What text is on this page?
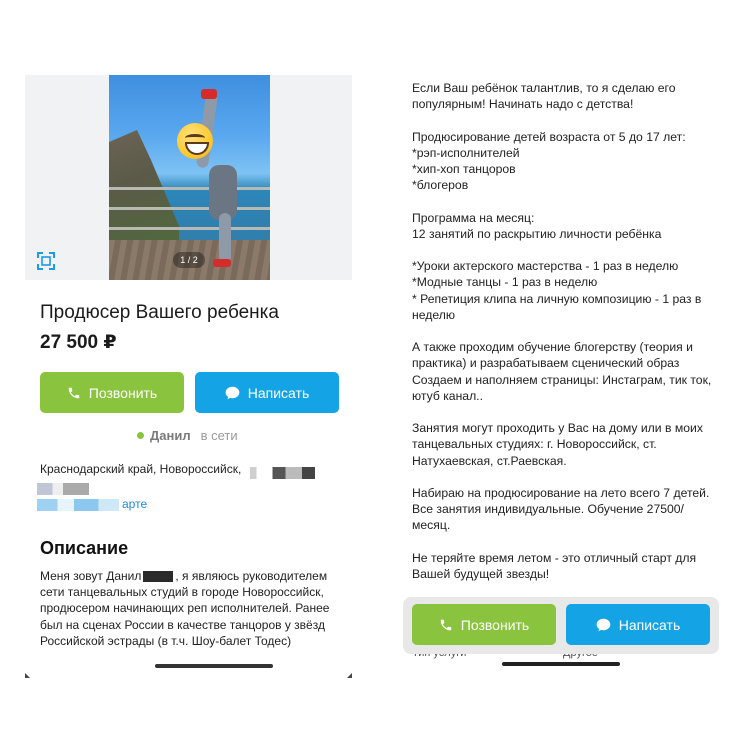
1 / 2
Продюсер Вашего ребенка
27 500 ₽
Позвонить	Написать
Данил в сети
Краснодарский край, Новороссийск,
арте
Описание
Меня зовут Данил	, я являюсь руководителем сети танцевальных студий в городе Новороссийск, продюсером начинающих реп исполнителей. Ранее был на сценах России в качестве танцоров у звёзд Российской эстрады (в т.ч. Шоу-балет Тодес)

Если Ваш ребёнок талантлив, то я сделаю его популярным! Начинать надо с детства!

Продюсирование детей возраста от 5 до 17 лет:
*рэп-исполнителей
*хип-хоп танцоров
*блогеров

Программа на месяц:
12 занятий по раскрытию личности ребёнка

*Уроки актерского мастерства - 1 раз в неделю
*Модные танцы - 1 раз в неделю
* Репетиция клипа на личную композицию - 1 раз в неделю

А также проходим обучение блогерству (теория и практика) и разрабатываем сценический образ
Создаем и наполняем страницы: Инстаграм, тик ток, ютуб канал..

Занятия могут проходить у Вас на дому или в моих танцевальных студиях: г. Новороссийск, ст. Натухаевская, ст.Раевская.

Набираю на продюсирование на лето всего 7 детей. Все занятия индивидуальные. Обучение 27500/месяц.

Не теряйте время летом - это отличный старт для Вашей будущей звезды!

Позвонить	Написать
